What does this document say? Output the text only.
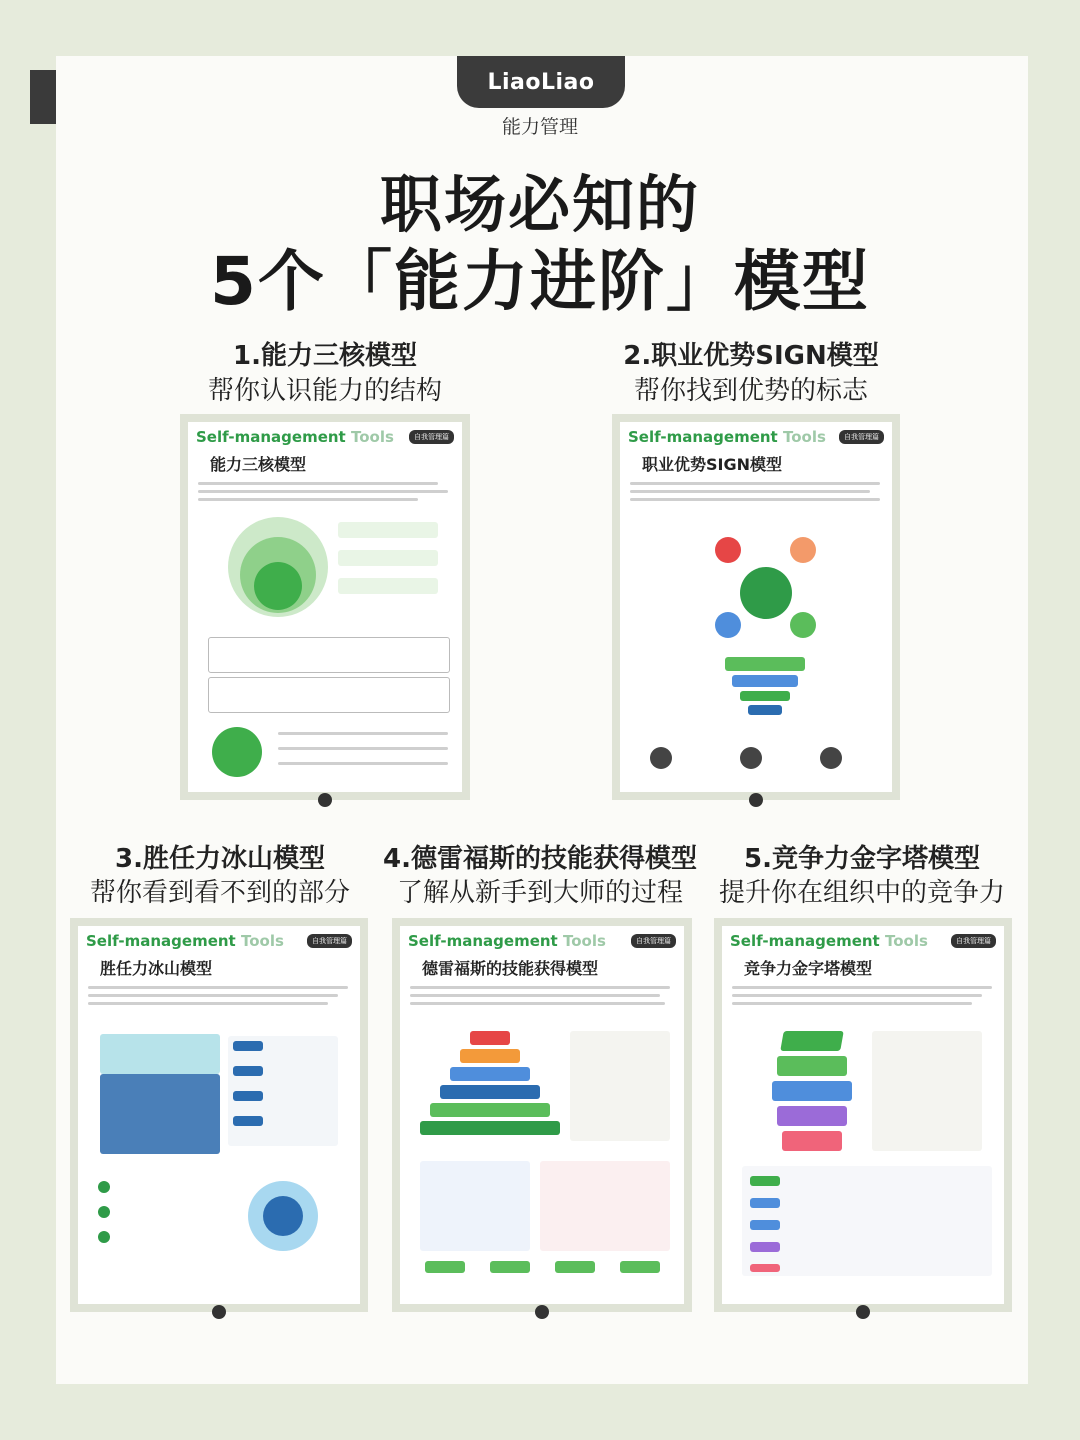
LiaoLiao
能力管理
职场必知的
5个「能力进阶」模型
1.能力三核模型
帮你认识能力的结构
Self-management Tools	自我管理篇
能力三核模型
2.职业优势SIGN模型
帮你找到优势的标志
Self-management Tools	自我管理篇
职业优势SIGN模型
3.胜任力冰山模型
帮你看到看不到的部分
Self-management Tools	自我管理篇
胜任力冰山模型
4.德雷福斯的技能获得模型
了解从新手到大师的过程
Self-management Tools	自我管理篇
德雷福斯的技能获得模型
5.竞争力金字塔模型
提升你在组织中的竞争力
Self-management Tools	自我管理篇
竞争力金字塔模型
